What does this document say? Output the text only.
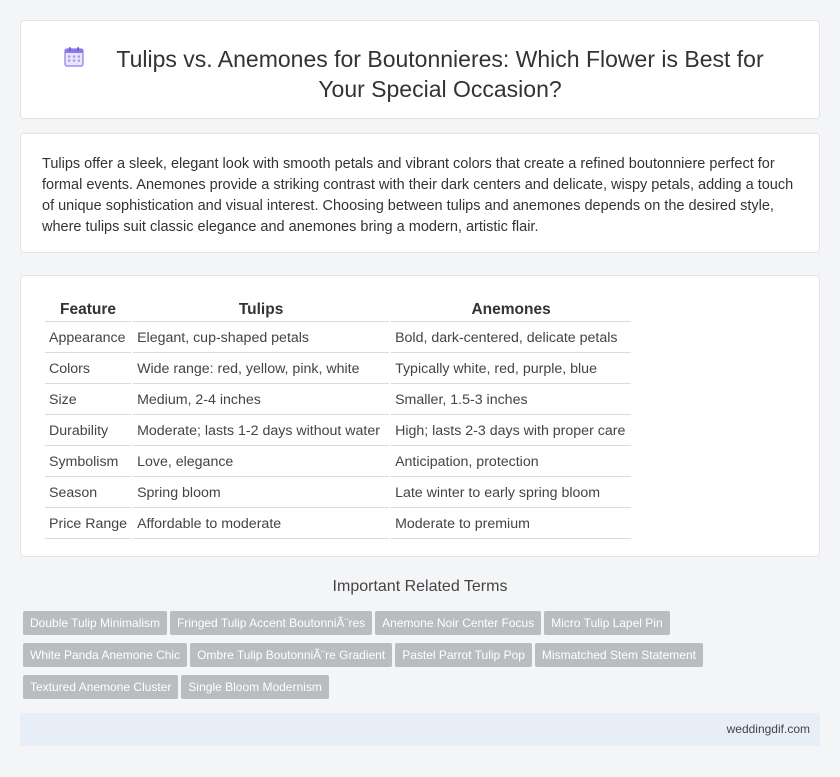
Tulips vs. Anemones for Boutonnieres: Which Flower is Best for Your Special Occasion?

Tulips offer a sleek, elegant look with smooth petals and vibrant colors that create a refined boutonniere perfect for formal events. Anemones provide a striking contrast with their dark centers and delicate, wispy petals, adding a touch of unique sophistication and visual interest. Choosing between tulips and anemones depends on the desired style, where tulips suit classic elegance and anemones bring a modern, artistic flair.

Feature	Tulips	Anemones
Appearance	Elegant, cup-shaped petals	Bold, dark-centered, delicate petals
Colors	Wide range: red, yellow, pink, white	Typically white, red, purple, blue
Size	Medium, 2-4 inches	Smaller, 1.5-3 inches
Durability	Moderate; lasts 1-2 days without water	High; lasts 2-3 days with proper care
Symbolism	Love, elegance	Anticipation, protection
Season	Spring bloom	Late winter to early spring bloom
Price Range	Affordable to moderate	Moderate to premium
Important Related Terms
Double Tulip Minimalism Fringed Tulip Accent BoutonniÃ¨res Anemone Noir Center Focus Micro Tulip Lapel Pin
White Panda Anemone Chic Ombre Tulip BoutonniÃ¨re Gradient Pastel Parrot Tulip Pop Mismatched Stem Statement
Textured Anemone Cluster Single Bloom Modernism
weddingdif.com
